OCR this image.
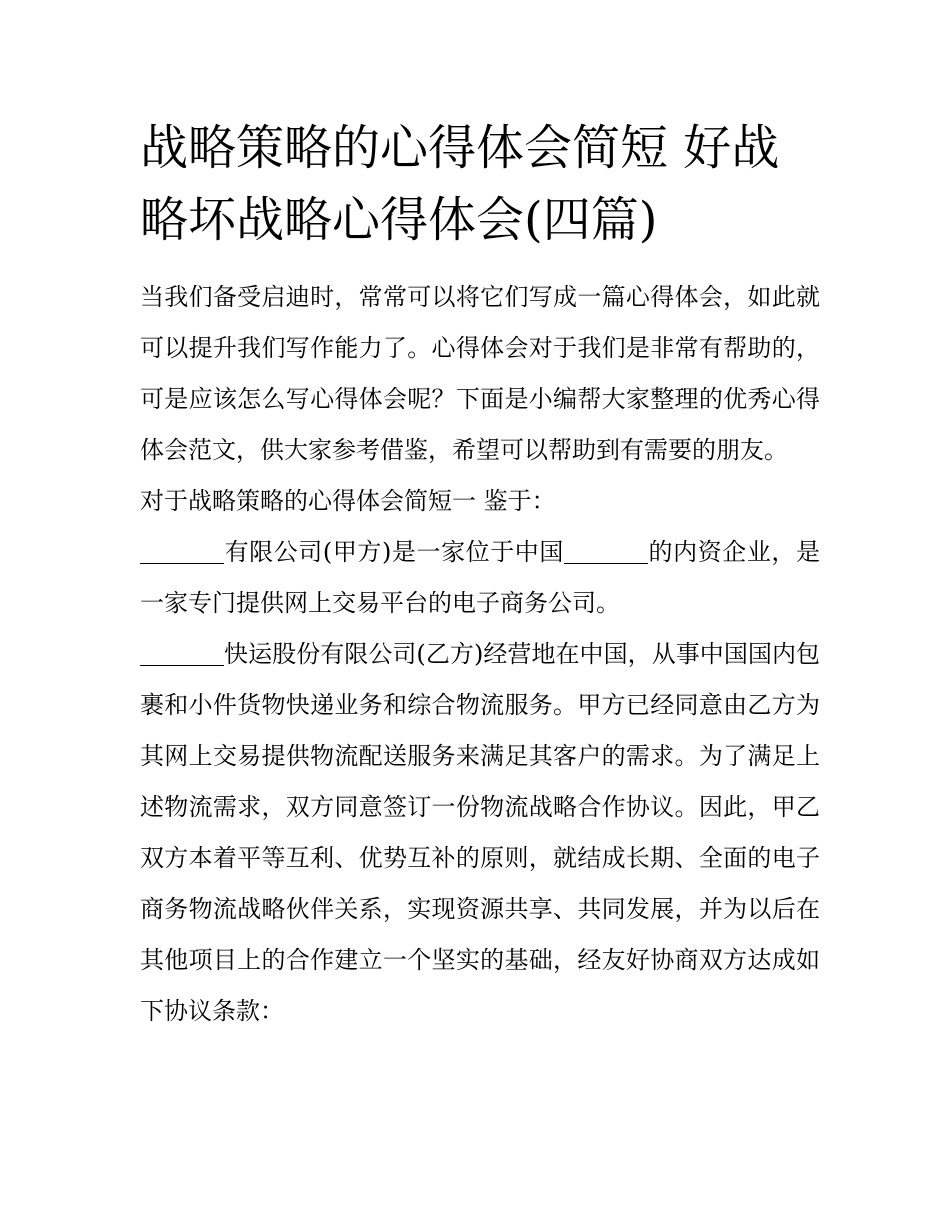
战略策略的心得体会简短 好战略坏战略心得体会(四篇)

当我们备受启迪时，常常可以将它们写成一篇心得体会，如此就可以提升我们写作能力了。心得体会对于我们是非常有帮助的，可是应该怎么写心得体会呢？下面是小编帮大家整理的优秀心得体会范文，供大家参考借鉴，希望可以帮助到有需要的朋友。

对于战略策略的心得体会简短一 鉴于：

有限公司(甲方)是一家位于中国	的内资企业，是一家专门提供网上交易平台的电子商务公司。

快运股份有限公司(乙方)经营地在中国，从事中国国内包裹和小件货物快递业务和综合物流服务。甲方已经同意由乙方为其网上交易提供物流配送服务来满足其客户的需求。为了满足上述物流需求，双方同意签订一份物流战略合作协议。因此，甲乙双方本着平等互利、优势互补的原则，就结成长期、全面的电子商务物流战略伙伴关系，实现资源共享、共同发展，并为以后在其他项目上的合作建立一个坚实的基础，经友好协商双方达成如下协议条款：
